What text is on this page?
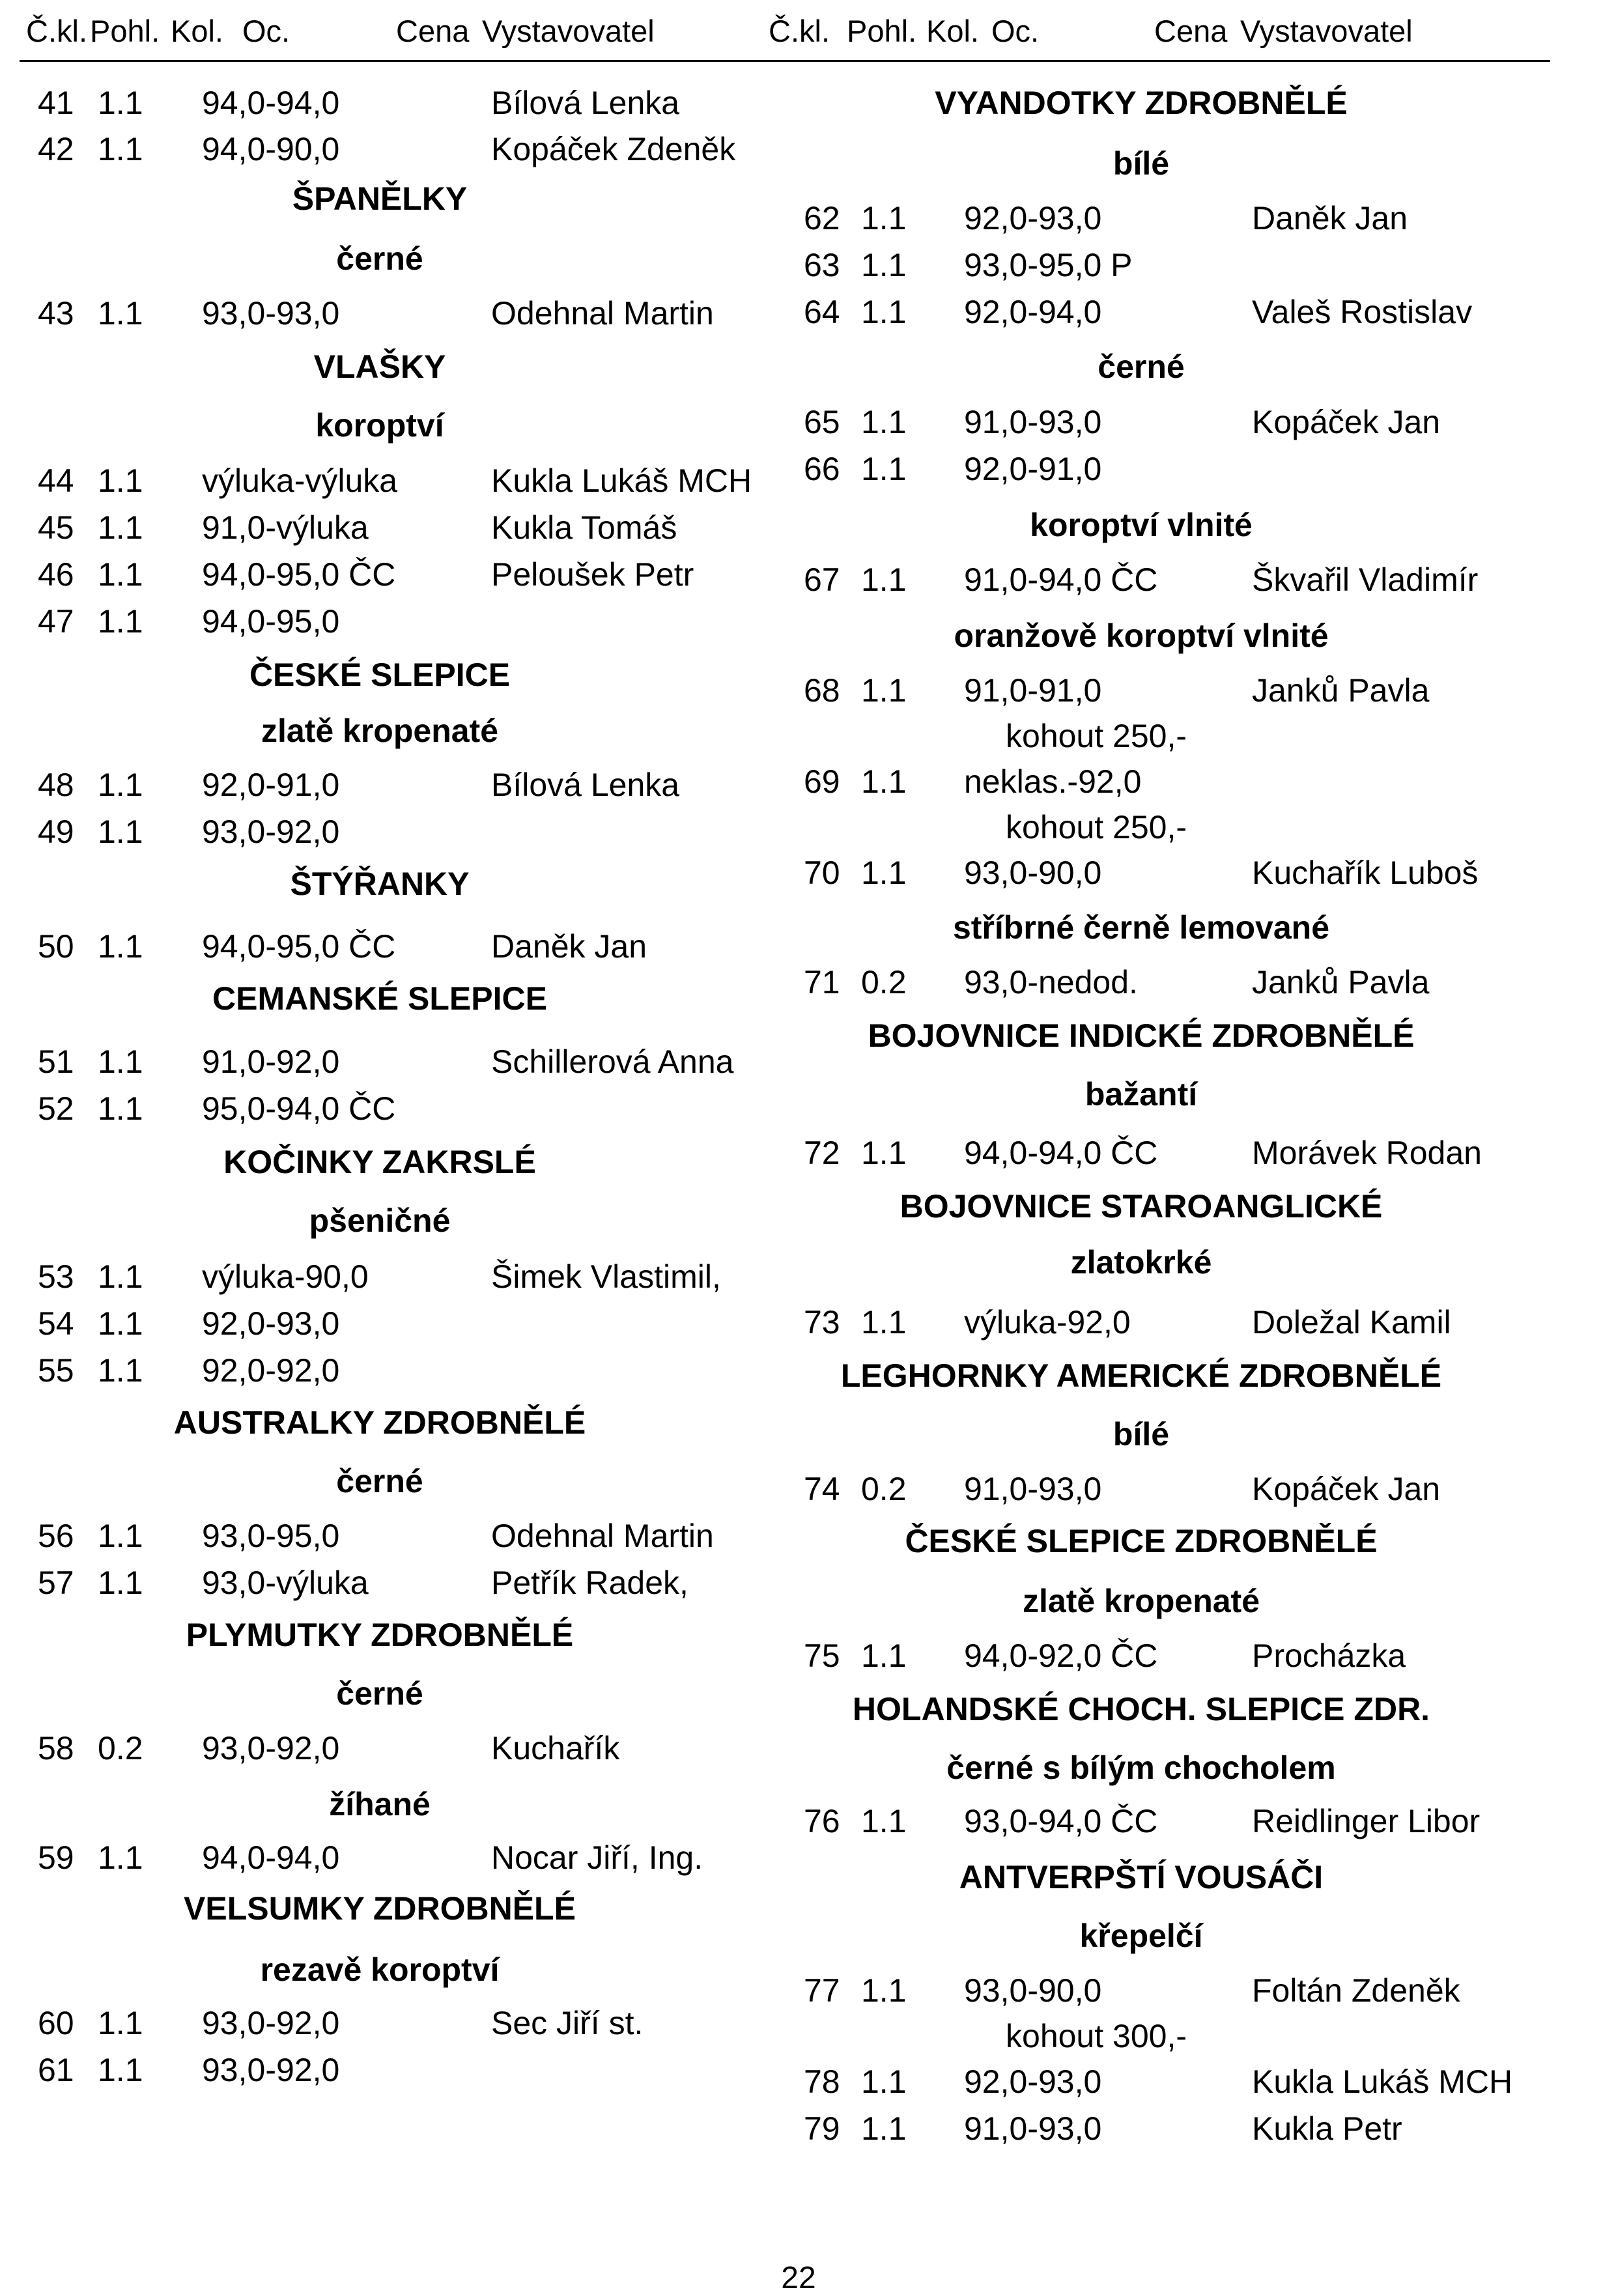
Č.kl. Pohl. Kol. Oc.	Cena Vystavovatel	Č.kl. Pohl. Kol. Oc.	Cena Vystavovatel
41 1.1 94,0-94,0	Bílová Lenka
42 1.1 94,0-90,0	Kopáček Zdeněk
ŠPANĚLKY
černé
43 1.1 93,0-93,0	Odehnal Martin
VLAŠKY
koroptví
44 1.1 výluka-výluka	Kukla Lukáš MCH
45 1.1 91,0-výluka	Kukla Tomáš
46 1.1 94,0-95,0 ČC	Peloušek Petr
47 1.1 94,0-95,0
ČESKÉ SLEPICE
zlatě kropenaté
48 1.1 92,0-91,0	Bílová Lenka
49 1.1 93,0-92,0
ŠTÝŘANKY
50 1.1 94,0-95,0 ČC	Daněk Jan
CEMANSKÉ SLEPICE
51 1.1 91,0-92,0	Schillerová Anna
52 1.1 95,0-94,0 ČC
KOČINKY ZAKRSLÉ
pšeničné
53 1.1 výluka-90,0	Šimek Vlastimil,
54 1.1 92,0-93,0
55 1.1 92,0-92,0
AUSTRALKY ZDROBNĚLÉ
černé
56 1.1 93,0-95,0	Odehnal Martin
57 1.1 93,0-výluka	Petřík Radek,
PLYMUTKY ZDROBNĚLÉ
černé
58 0.2 93,0-92,0	Kuchařík
žíhané
59 1.1 94,0-94,0	Nocar Jiří, Ing.
VELSUMKY ZDROBNĚLÉ
rezavě koroptví
60 1.1 93,0-92,0	Sec Jiří st.
61 1.1 93,0-92,0
VYANDOTKY ZDROBNĚLÉ
bílé
62 1.1 92,0-93,0	Daněk Jan
63 1.1 93,0-95,0 P
64 1.1 92,0-94,0	Valeš Rostislav
černé
65 1.1 91,0-93,0	Kopáček Jan
66 1.1 92,0-91,0
koroptví vlnité
67 1.1 91,0-94,0 ČC	Škvařil Vladimír
oranžově koroptví vlnité
68 1.1 91,0-91,0	Janků Pavla
kohout 250,-
69 1.1 neklas.-92,0
kohout 250,-
70 1.1 93,0-90,0	Kuchařík Luboš
stříbrné černě lemované
71 0.2 93,0-nedod.	Janků Pavla
BOJOVNICE INDICKÉ ZDROBNĚLÉ
bažantí
72 1.1 94,0-94,0 ČC	Morávek Rodan
BOJOVNICE STAROANGLICKÉ
zlatokrké
73 1.1 výluka-92,0	Doležal Kamil
LEGHORNKY AMERICKÉ ZDROBNĚLÉ
bílé
74 0.2 91,0-93,0	Kopáček Jan
ČESKÉ SLEPICE ZDROBNĚLÉ
zlatě kropenaté
75 1.1 94,0-92,0 ČC	Procházka
HOLANDSKÉ CHOCH. SLEPICE ZDR.
černé s bílým chocholem
76 1.1 93,0-94,0 ČC	Reidlinger Libor
ANTVERPŠTÍ VOUSÁČI
křepelčí
77 1.1 93,0-90,0	Foltán Zdeněk
kohout 300,-
78 1.1 92,0-93,0	Kukla Lukáš MCH
79 1.1 91,0-93,0	Kukla Petr
22
